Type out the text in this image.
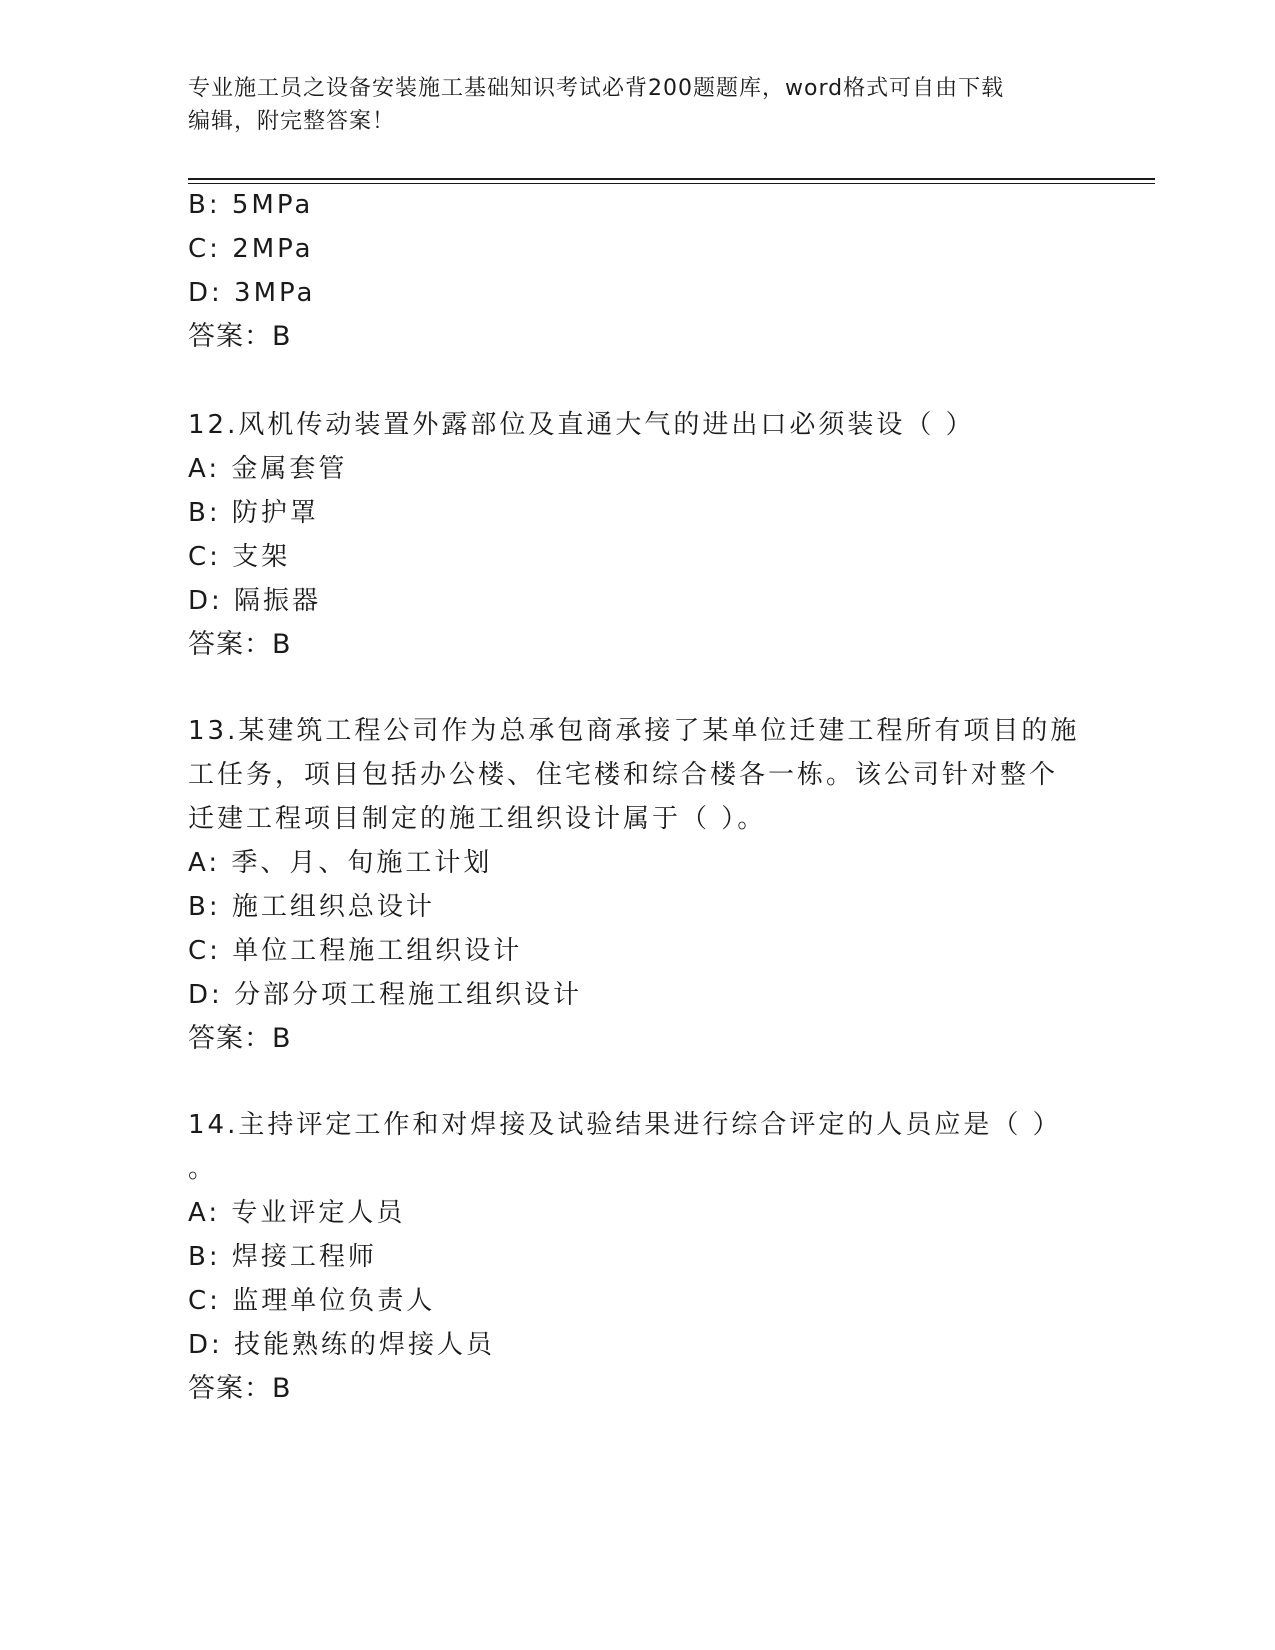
专业施工员之设备安装施工基础知识考试必背200题题库，word格式可自由下载
编辑，附完整答案！
B: 5MPa
C: 2MPa
D: 3MPa
答案：B
12.风机传动装置外露部位及直通大气的进出口必须装设（ ）
A: 金属套管
B: 防护罩
C: 支架
D: 隔振器
答案：B
13.某建筑工程公司作为总承包商承接了某单位迁建工程所有项目的施
工任务，项目包括办公楼、住宅楼和综合楼各一栋。该公司针对整个
迁建工程项目制定的施工组织设计属于（ ）。
A: 季、月、旬施工计划
B: 施工组织总设计
C: 单位工程施工组织设计
D: 分部分项工程施工组织设计
答案：B
14.主持评定工作和对焊接及试验结果进行综合评定的人员应是（ ）
。
A: 专业评定人员
B: 焊接工程师
C: 监理单位负责人
D: 技能熟练的焊接人员
答案：B
